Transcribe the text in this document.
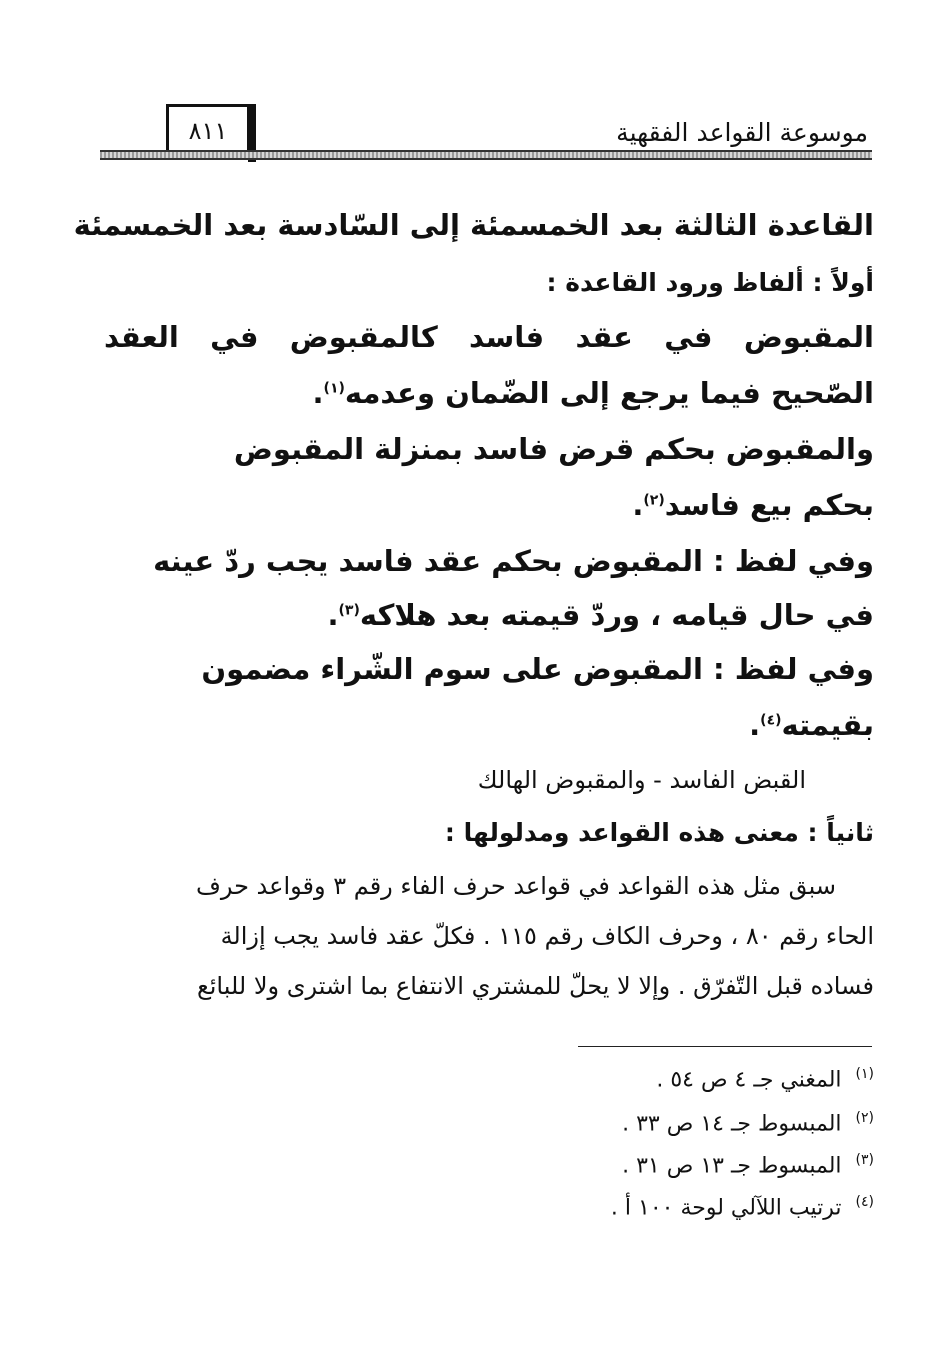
موسوعة القواعد الفقهية
٨١١
القاعدة الثالثة بعد الخمسمئة إلى السّادسة بعد الخمسمئة
أولاً : ألفاظ ورود القاعدة :
المقبوض في عقد فاسد كالمقبوض في العقد
الصّحيح فيما يرجع إلى الضّمان وعدمه$^{(١)}$.
والمقبوض بحكم قرض فاسد بمنزلة المقبوض
بحكم بيع فاسد$^{(٢)}$.
وفي لفظ : المقبوض بحكم عقد فاسد يجب ردّ عينه
في حال قيامه ، وردّ قيمته بعد هلاكه$^{(٣)}$.
وفي لفظ : المقبوض على سوم الشّراء مضمون
بقيمته$^{(٤)}$.
القبض الفاسد - والمقبوض الهالك
ثانياً : معنى هذه القواعد ومدلولها :
سبق مثل هذه القواعد في قواعد حرف الفاء رقم ٣ وقواعد حرف
الحاء رقم ٨٠ ، وحرف الكاف رقم ١١٥ . فكلّ عقد فاسد يجب إزالة
فساده قبل التّفرّق . وإلا لا يحلّ للمشتري الانتفاع بما اشترى ولا للبائع
$^{(١)}$المغني جـ ٤ ص ٥٤ .
$^{(٢)}$المبسوط جـ ١٤ ص ٣٣ .
$^{(٣)}$المبسوط جـ ١٣ ص ٣١ .
$^{(٤)}$ترتيب اللآلي لوحة ١٠٠ أ .
